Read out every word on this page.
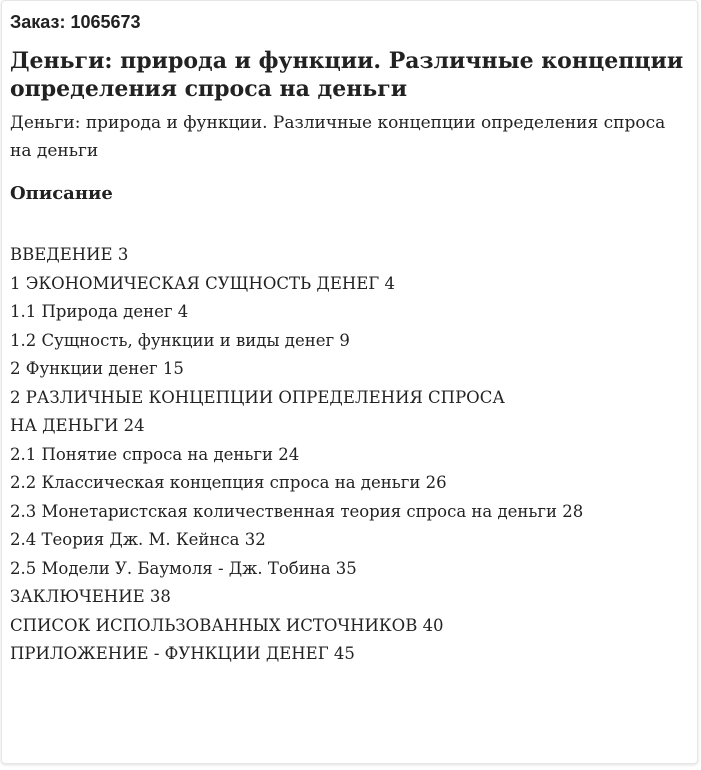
Заказ: 1065673
Деньги: природа и функции. Различные концепции определения спроса на деньги
Деньги: природа и функции. Различные концепции определения спроса на деньги
Описание
ВВЕДЕНИЕ 3
1 ЭКОНОМИЧЕСКАЯ СУЩНОСТЬ ДЕНЕГ 4
1.1 Природа денег 4
1.2 Сущность, функции и виды денег 9
2 Функции денег 15
2 РАЗЛИЧНЫЕ КОНЦЕПЦИИ ОПРЕДЕЛЕНИЯ СПРОСА
НА ДЕНЬГИ 24
2.1 Понятие спроса на деньги 24
2.2 Классическая концепция спроса на деньги 26
2.3 Монетаристская количественная теория спроса на деньги 28
2.4 Теория Дж. М. Кейнса 32
2.5 Модели У. Баумоля - Дж. Тобина 35
ЗАКЛЮЧЕНИЕ 38
СПИСОК ИСПОЛЬЗОВАННЫХ ИСТОЧНИКОВ 40
ПРИЛОЖЕНИЕ - ФУНКЦИИ ДЕНЕГ 45
